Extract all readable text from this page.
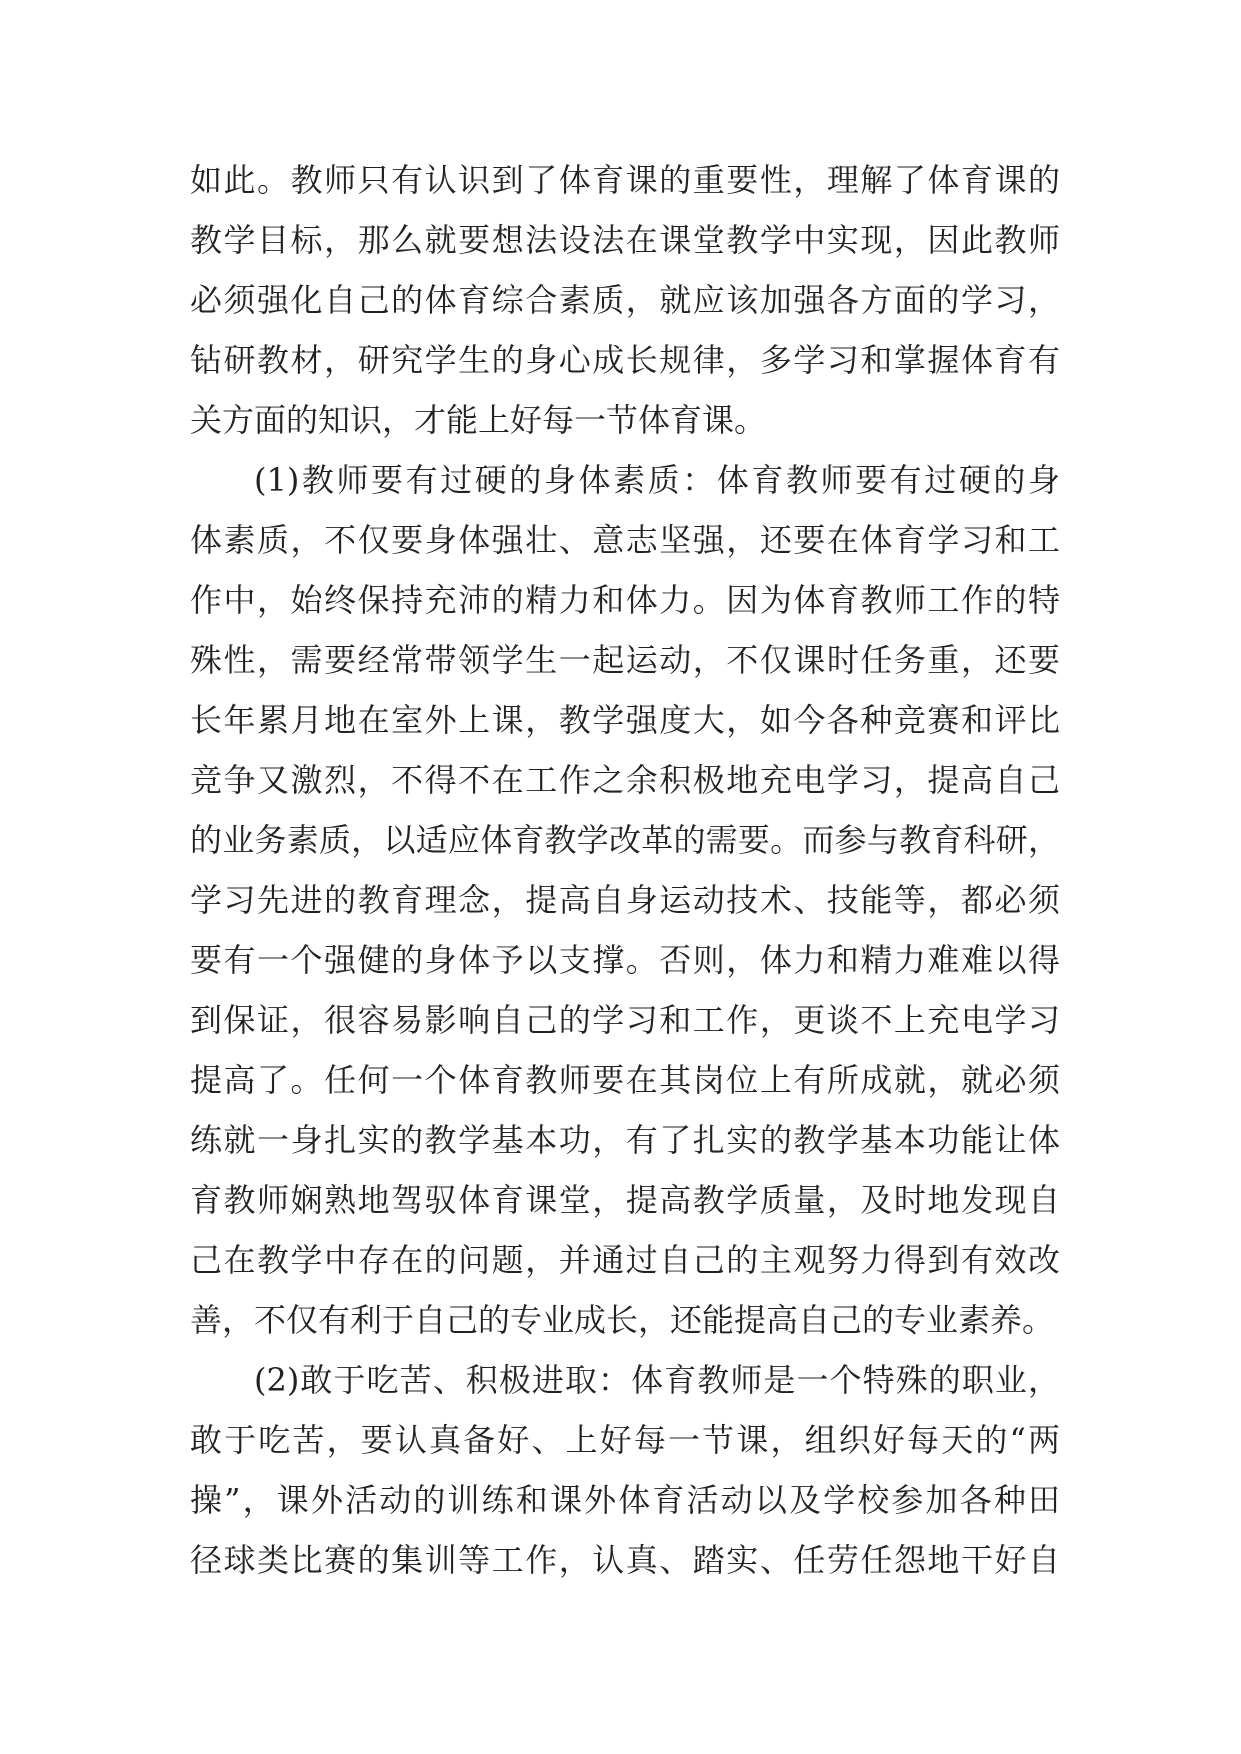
如此。教师只有认识到了体育课的重要性，理解了体育课的
教学目标，那么就要想法设法在课堂教学中实现，因此教师
必须强化自己的体育综合素质，就应该加强各方面的学习，
钻研教材，研究学生的身心成长规律，多学习和掌握体育有
关方面的知识，才能上好每一节体育课。
(1)教师要有过硬的身体素质：体育教师要有过硬的身
体素质，不仅要身体强壮、意志坚强，还要在体育学习和工
作中，始终保持充沛的精力和体力。因为体育教师工作的特
殊性，需要经常带领学生一起运动，不仅课时任务重，还要
长年累月地在室外上课，教学强度大，如今各种竞赛和评比
竞争又激烈，不得不在工作之余积极地充电学习，提高自己
的业务素质，以适应体育教学改革的需要。而参与教育科研，
学习先进的教育理念，提高自身运动技术、技能等，都必须
要有一个强健的身体予以支撑。否则，体力和精力难难以得
到保证，很容易影响自己的学习和工作，更谈不上充电学习
提高了。任何一个体育教师要在其岗位上有所成就，就必须
练就一身扎实的教学基本功，有了扎实的教学基本功能让体
育教师娴熟地驾驭体育课堂，提高教学质量，及时地发现自
己在教学中存在的问题，并通过自己的主观努力得到有效改
善，不仅有利于自己的专业成长，还能提高自己的专业素养。
(2)敢于吃苦、积极进取：体育教师是一个特殊的职业，
敢于吃苦，要认真备好、上好每一节课，组织好每天的“两
操”，课外活动的训练和课外体育活动以及学校参加各种田
径球类比赛的集训等工作，认真、踏实、任劳任怨地干好自
